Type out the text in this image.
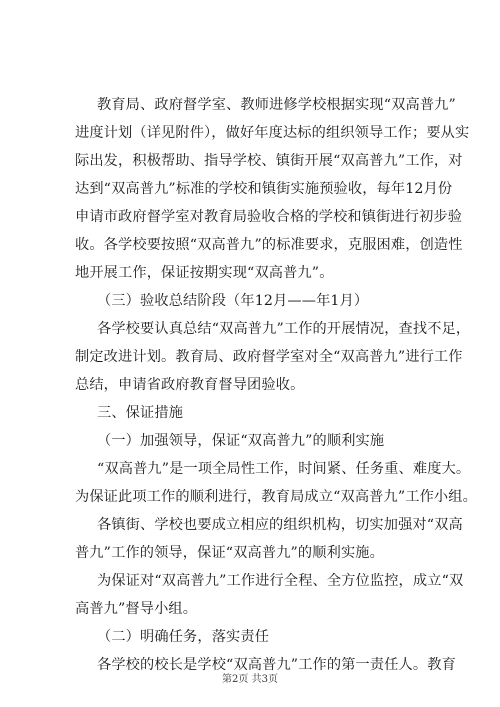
教育局、政府督学室、教师进修学校根据实现“双高普九”
进度计划（详见附件），做好年度达标的组织领导工作；要从实
际出发，积极帮助、指导学校、镇街开展“双高普九”工作，对
达到“双高普九”标准的学校和镇街实施预验收，每年12月份
申请市政府督学室对教育局验收合格的学校和镇街进行初步验
收。各学校要按照“双高普九”的标准要求，克服困难，创造性
地开展工作，保证按期实现“双高普九”。
（三）验收总结阶段（年12月——年1月）
各学校要认真总结“双高普九”工作的开展情况，查找不足，
制定改进计划。教育局、政府督学室对全“双高普九”进行工作
总结，申请省政府教育督导团验收。
三、保证措施
（一）加强领导，保证“双高普九”的顺利实施
“双高普九”是一项全局性工作，时间紧、任务重、难度大。
为保证此项工作的顺利进行，教育局成立“双高普九”工作小组。
各镇街、学校也要成立相应的组织机构，切实加强对“双高
普九”工作的领导，保证“双高普九”的顺利实施。
为保证对“双高普九”工作进行全程、全方位监控，成立“双
高普九”督导小组。
（二）明确任务，落实责任
各学校的校长是学校“双高普九”工作的第一责任人。教育
第2页 共3页
